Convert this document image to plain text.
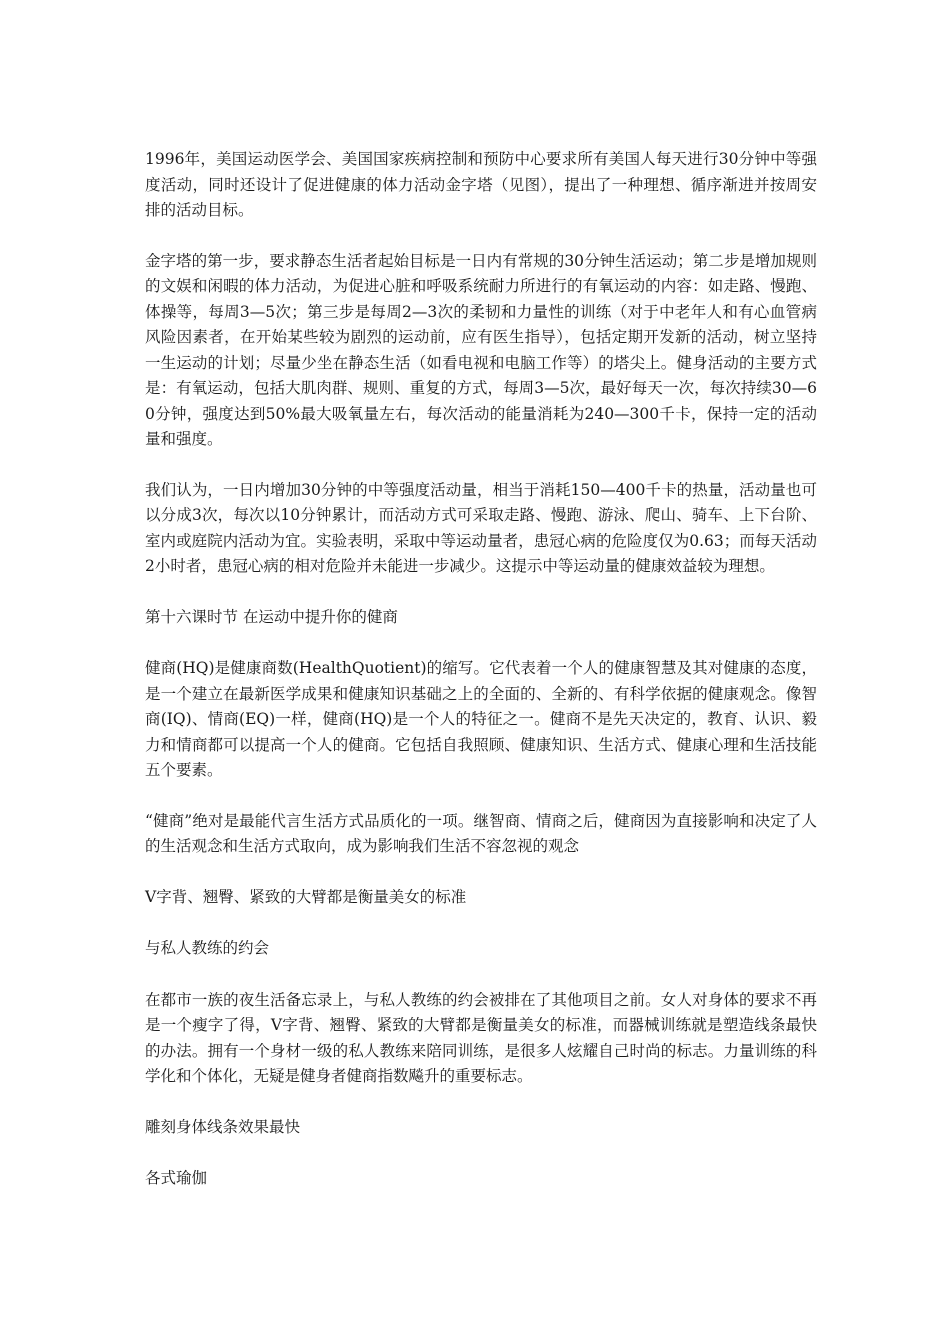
1996年，美国运动医学会、美国国家疾病控制和预防中心要求所有美国人每天进行30分钟中等强度活动，同时还设计了促进健康的体力活动金字塔（见图），提出了一种理想、循序渐进并按周安排的活动目标。

金字塔的第一步，要求静态生活者起始目标是一日内有常规的30分钟生活运动；第二步是增加规则的文娱和闲暇的体力活动，为促进心脏和呼吸系统耐力所进行的有氧运动的内容：如走路、慢跑、体操等，每周3—5次；第三步是每周2—3次的柔韧和力量性的训练（对于中老年人和有心血管病风险因素者，在开始某些较为剧烈的运动前，应有医生指导），包括定期开发新的活动，树立坚持一生运动的计划；尽量少坐在静态生活（如看电视和电脑工作等）的塔尖上。健身活动的主要方式是：有氧运动，包括大肌肉群、规则、重复的方式，每周3—5次，最好每天一次，每次持续30—60分钟，强度达到50%最大吸氧量左右，每次活动的能量消耗为240—300千卡，保持一定的活动量和强度。

我们认为，一日内增加30分钟的中等强度活动量，相当于消耗150—400千卡的热量，活动量也可以分成3次，每次以10分钟累计，而活动方式可采取走路、慢跑、游泳、爬山、骑车、上下台阶、室内或庭院内活动为宜。实验表明，采取中等运动量者，患冠心病的危险度仅为0.63；而每天活动2小时者，患冠心病的相对危险并未能进一步减少。这提示中等运动量的健康效益较为理想。

第十六课时节 在运动中提升你的健商

健商(HQ)是健康商数(HealthQuotient)的缩写。它代表着一个人的健康智慧及其对健康的态度，是一个建立在最新医学成果和健康知识基础之上的全面的、全新的、有科学依据的健康观念。像智商(IQ)、情商(EQ)一样，健商(HQ)是一个人的特征之一。健商不是先天决定的，教育、认识、毅力和情商都可以提高一个人的健商。它包括自我照顾、健康知识、生活方式、健康心理和生活技能五个要素。

“健商”绝对是最能代言生活方式品质化的一项。继智商、情商之后，健商因为直接影响和决定了人的生活观念和生活方式取向，成为影响我们生活不容忽视的观念

V字背、翘臀、紧致的大臂都是衡量美女的标准

与私人教练的约会

在都市一族的夜生活备忘录上，与私人教练的约会被排在了其他项目之前。女人对身体的要求不再是一个瘦字了得，V字背、翘臀、紧致的大臂都是衡量美女的标准，而器械训练就是塑造线条最快的办法。拥有一个身材一级的私人教练来陪同训练，是很多人炫耀自己时尚的标志。力量训练的科学化和个体化，无疑是健身者健商指数飚升的重要标志。

雕刻身体线条效果最快

各式瑜伽
